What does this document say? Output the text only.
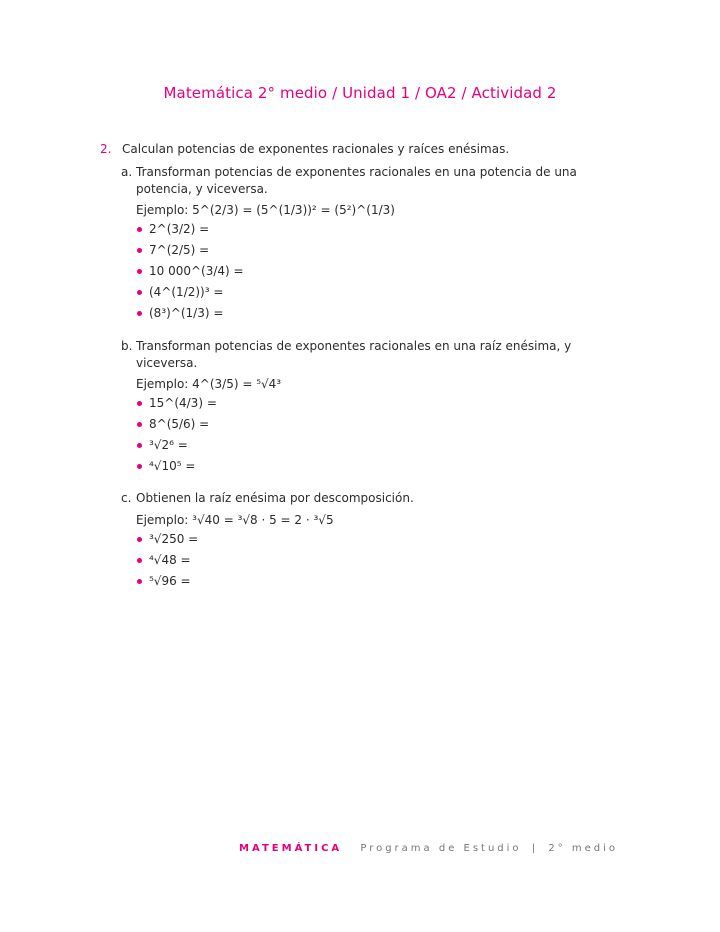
Matemática 2° medio / Unidad 1 / OA2 / Actividad 2
2. Calculan potencias de exponentes racionales y raíces enésimas.
a. Transforman potencias de exponentes racionales en una potencia de una
potencia, y viceversa.
Ejemplo: 5^(2/3) = (5^(1/3))² = (5²)^(1/3)
2^(3/2) =
7^(2/5) =
10 000^(3/4) =
(4^(1/2))³ =
(8³)^(1/3) =
b. Transforman potencias de exponentes racionales en una raíz enésima, y
viceversa.
Ejemplo: 4^(3/5) = ⁵√4³
15^(4/3) =
8^(5/6) =
³√2⁶ =
⁴√10⁵ =
c. Obtienen la raíz enésima por descomposición.
Ejemplo: ³√40 = ³√8 · 5 = 2 · ³√5
³√250 =
⁴√48 =
⁵√96 =
MATEMÁTICA Programa de Estudio | 2° medio
